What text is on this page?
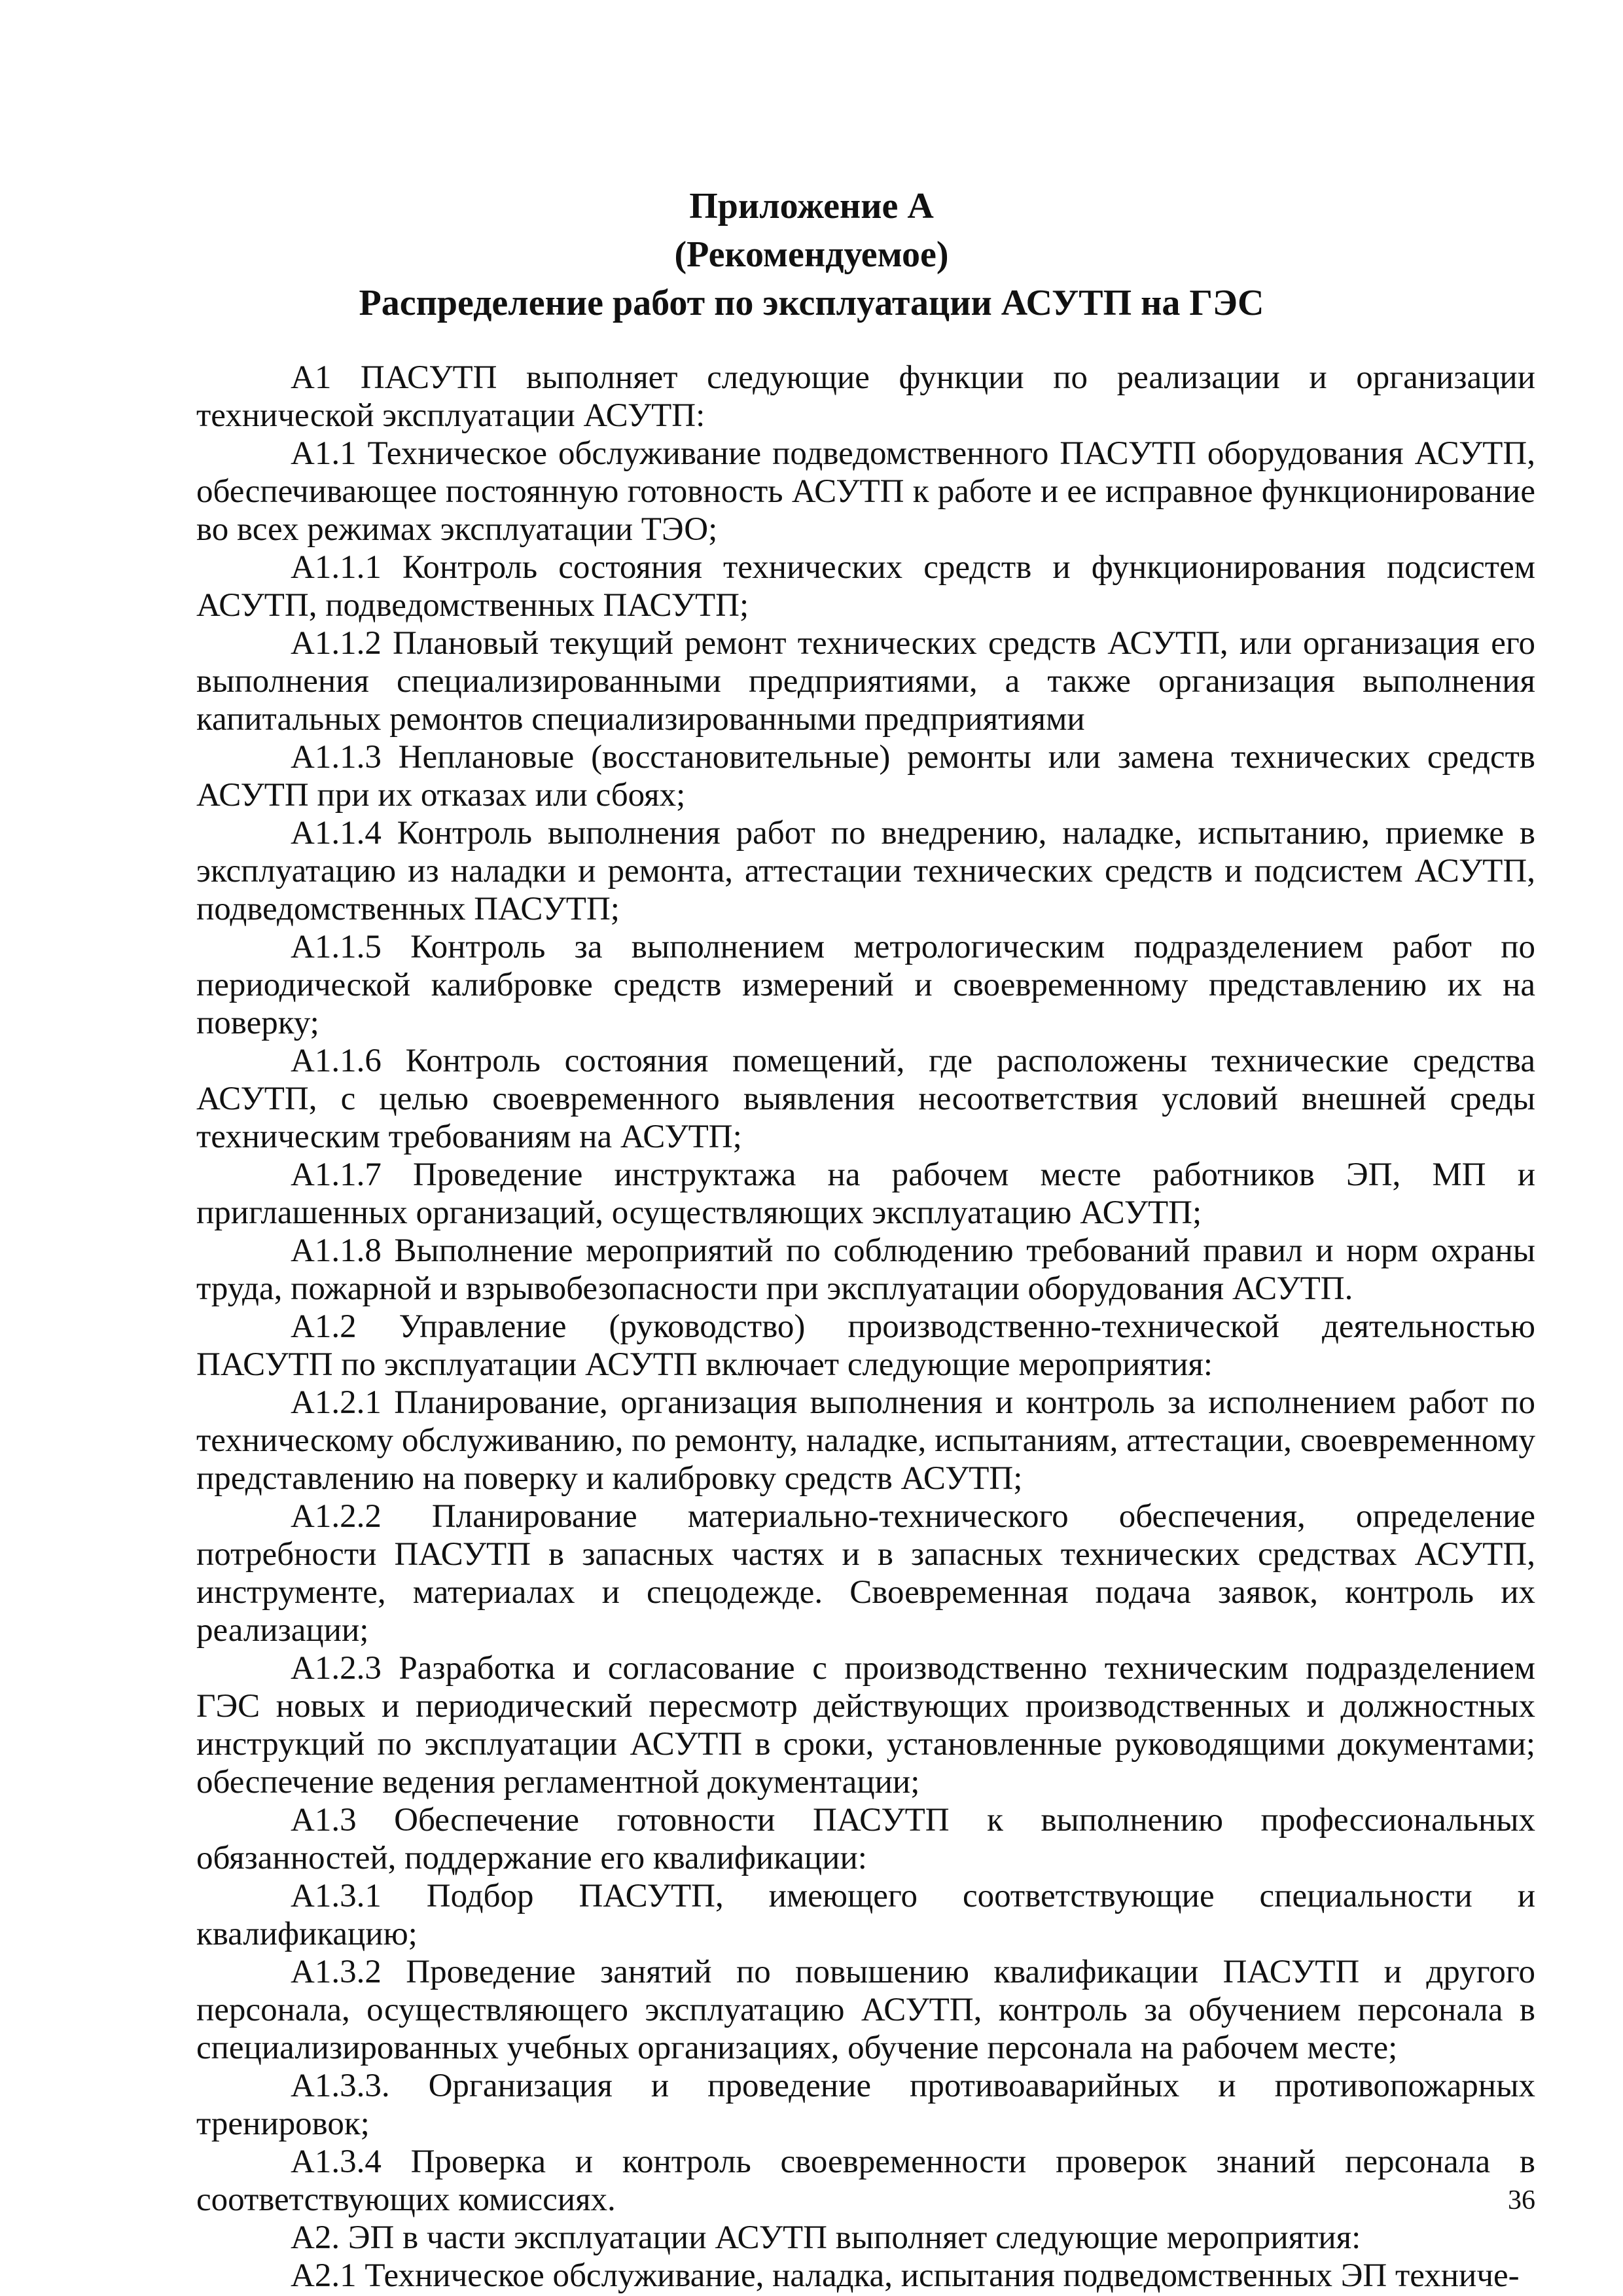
Приложение А
(Рекомендуемое)
Распределение работ по эксплуатации АСУТП на ГЭС

А1 ПАСУТП выполняет следующие функции по реализации и организации технической эксплуатации АСУТП:

А1.1 Техническое обслуживание подведомственного ПАСУТП оборудования АСУТП, обеспечивающее постоянную готовность АСУТП к работе и ее исправное функционирование во всех режимах эксплуатации ТЭО;

А1.1.1 Контроль состояния технических средств и функционирования подсистем АСУТП, подведомственных ПАСУТП;

А1.1.2 Плановый текущий ремонт технических средств АСУТП, или организация его выполнения специализированными предприятиями, а также организация выполнения капитальных ремонтов специализированными предприятиями

А1.1.3 Неплановые (восстановительные) ремонты или замена технических средств АСУТП при их отказах или сбоях;

А1.1.4 Контроль выполнения работ по внедрению, наладке, испытанию, приемке в эксплуатацию из наладки и ремонта, аттестации технических средств и подсистем АСУТП, подведомственных ПАСУТП;

А1.1.5 Контроль за выполнением метрологическим подразделением работ по периодической калибровке средств измерений и своевременному представлению их на поверку;

А1.1.6 Контроль состояния помещений, где расположены технические средства АСУТП, с целью своевременного выявления несоответствия условий внешней среды техническим требованиям на АСУТП;

А1.1.7 Проведение инструктажа на рабочем месте работников ЭП, МП и приглашенных организаций, осуществляющих эксплуатацию АСУТП;

А1.1.8 Выполнение мероприятий по соблюдению требований правил и норм охраны труда, пожарной и взрывобезопасности при эксплуатации оборудования АСУТП.

А1.2 Управление (руководство) производственно-технической деятельностью ПАСУТП по эксплуатации АСУТП включает следующие мероприятия:

А1.2.1 Планирование, организация выполнения и контроль за исполнением работ по техническому обслуживанию, по ремонту, наладке, испытаниям, аттестации, своевременному представлению на поверку и калибровку средств АСУТП;

А1.2.2 Планирование материально-технического обеспечения, определение потребности ПАСУТП в запасных частях и в запасных технических средствах АСУТП, инструменте, материалах и спецодежде. Своевременная подача заявок, контроль их реализации;

А1.2.3 Разработка и согласование с производственно техническим подразделением ГЭС новых и периодический пересмотр действующих производственных и должностных инструкций по эксплуатации АСУТП в сроки, установленные руководящими документами; обеспечение ведения регламентной документации;

А1.3 Обеспечение готовности ПАСУТП к выполнению профессиональных обязанностей, поддержание его квалификации:

А1.3.1 Подбор ПАСУТП, имеющего соответствующие специальности и квалификацию;

А1.3.2 Проведение занятий по повышению квалификации ПАСУТП и другого персонала, осуществляющего эксплуатацию АСУТП, контроль за обучением персонала в специализированных учебных организациях, обучение персонала на рабочем месте;

А1.3.3. Организация и проведение противоаварийных и противопожарных тренировок;

А1.3.4 Проверка и контроль своевременности проверок знаний персонала в соответствующих комиссиях.

А2. ЭП в части эксплуатации АСУТП выполняет следующие мероприятия:

А2.1 Техническое обслуживание, наладка, испытания подведомственных ЭП техниче-

36
